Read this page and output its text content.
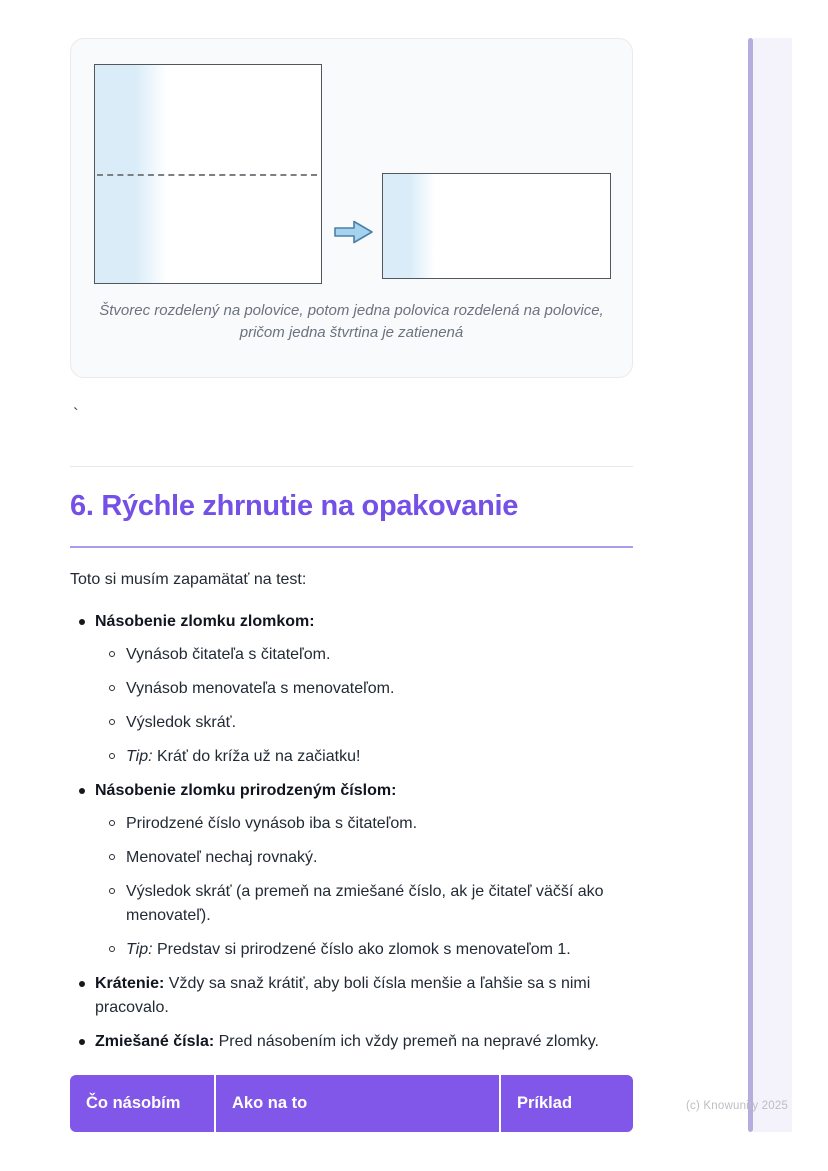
Štvorec rozdelený na polovice, potom jedna polovica rozdelená na polovice,
pričom jedna štvrtina je zatienená

`

6. Rýchle zhrnutie na opakovanie

Toto si musím zapamätať na test:

Násobenie zlomku zlomkom:
Vynásob čitateľa s čitateľom.
Vynásob menovateľa s menovateľom.
Výsledok skráť.
Tip: Kráť do kríža už na začiatku!
Násobenie zlomku prirodzeným číslom:
Prirodzené číslo vynásob iba s čitateľom.
Menovateľ nechaj rovnaký.
Výsledok skráť (a premeň na zmiešané číslo, ak je čitateľ väčší ako menovateľ).
Tip: Predstav si prirodzené číslo ako zlomok s menovateľom 1.
Krátenie: Vždy sa snaž krátiť, aby boli čísla menšie a ľahšie sa s nimi pracovalo.
Zmiešané čísla: Pred násobením ich vždy premeň na nepravé zlomky.
Čo násobím	Ako na to	Príklad	(c) Knowunity 2025
